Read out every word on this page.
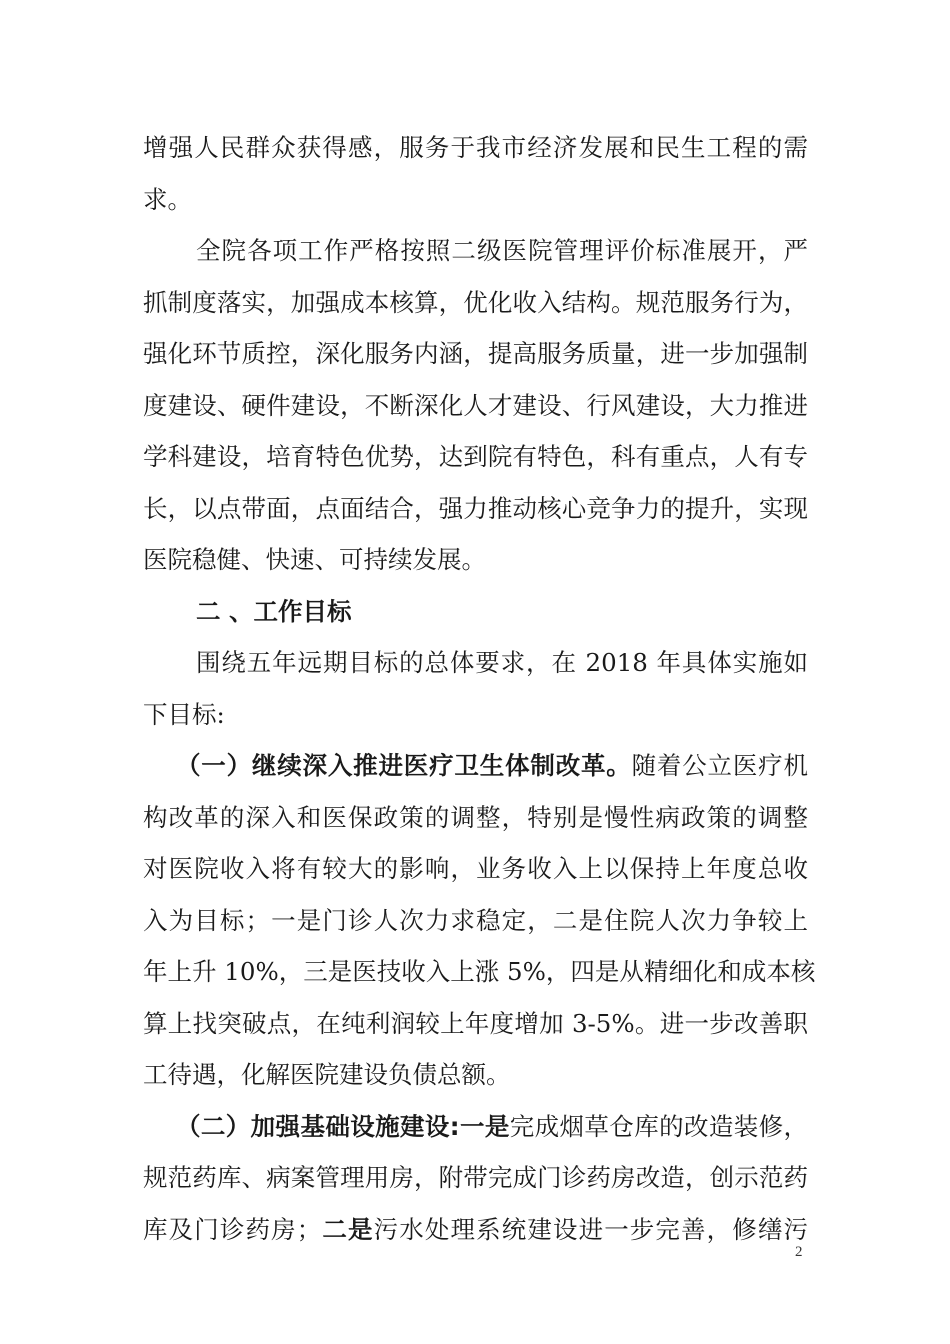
增强人民群众获得感，服务于我市经济发展和民生工程的需
求。
全院各项工作严格按照二级医院管理评价标准展开，严
抓制度落实，加强成本核算，优化收入结构。规范服务行为，
强化环节质控，深化服务内涵，提高服务质量，进一步加强制
度建设、硬件建设，不断深化人才建设、行风建设，大力推进
学科建设，培育特色优势，达到院有特色，科有重点，人有专
长，以点带面，点面结合，强力推动核心竞争力的提升，实现
医院稳健、快速、可持续发展。
二 、工作目标
围绕五年远期目标的总体要求，在 2018 年具体实施如
下目标:
（一）继续深入推进医疗卫生体制改革。随着公立医疗机
构改革的深入和医保政策的调整，特别是慢性病政策的调整
对医院收入将有较大的影响，业务收入上以保持上年度总收
入为目标；一是门诊人次力求稳定，二是住院人次力争较上
年上升 10%，三是医技收入上涨 5%，四是从精细化和成本核
算上找突破点，在纯利润较上年度增加 3-5%。进一步改善职
工待遇，化解医院建设负债总额。
（二）加强基础设施建设:一是完成烟草仓库的改造装修，
规范药库、病案管理用房，附带完成门诊药房改造，创示范药
库及门诊药房；二是污水处理系统建设进一步完善，修缮污
2
